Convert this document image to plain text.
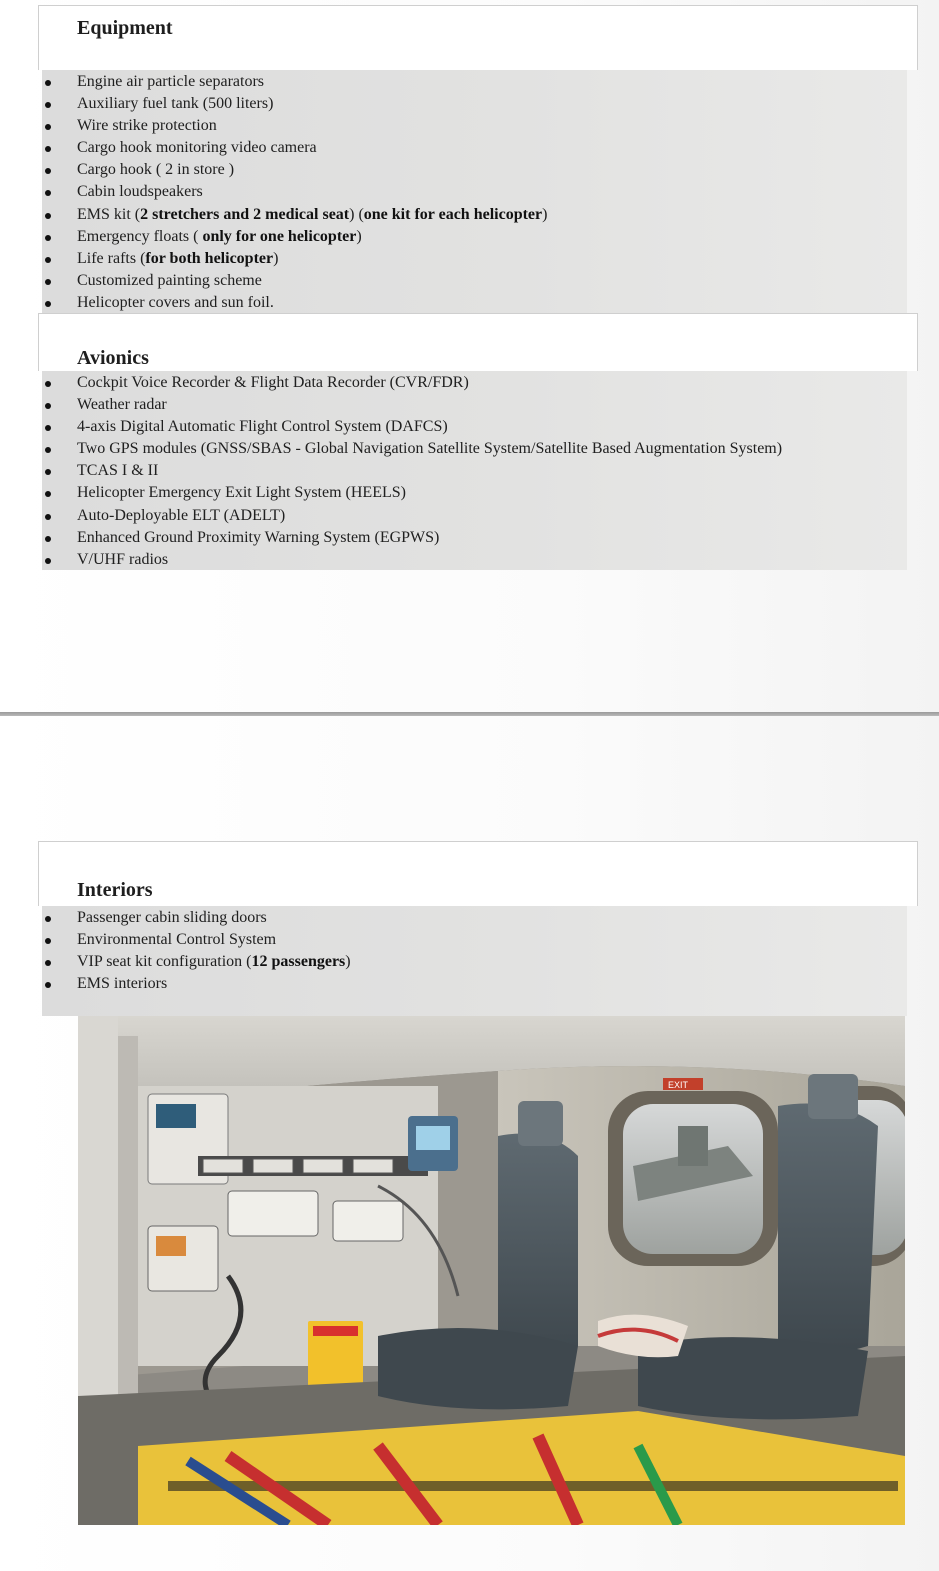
Equipment
Engine air particle separators
Auxiliary fuel tank (500 liters)
Wire strike protection
Cargo hook monitoring video camera
Cargo hook ( 2 in store )
Cabin loudspeakers
EMS kit (2 stretchers and 2 medical seat) (one kit for each helicopter)
Emergency floats ( only for one helicopter)
Life rafts (for both helicopter)
Customized painting scheme
Helicopter covers and sun foil.
Avionics
Cockpit Voice Recorder & Flight Data Recorder (CVR/FDR)
Weather radar
4-axis Digital Automatic Flight Control System (DAFCS)
Two GPS modules (GNSS/SBAS - Global Navigation Satellite System/Satellite Based Augmentation System)
TCAS I & II
Helicopter Emergency Exit Light System (HEELS)
Auto-Deployable ELT (ADELT)
Enhanced Ground Proximity Warning System (EGPWS)
V/UHF radios
Interiors
Passenger cabin sliding doors
Environmental Control System
VIP seat kit configuration (12 passengers)
EMS interiors
EXIT
